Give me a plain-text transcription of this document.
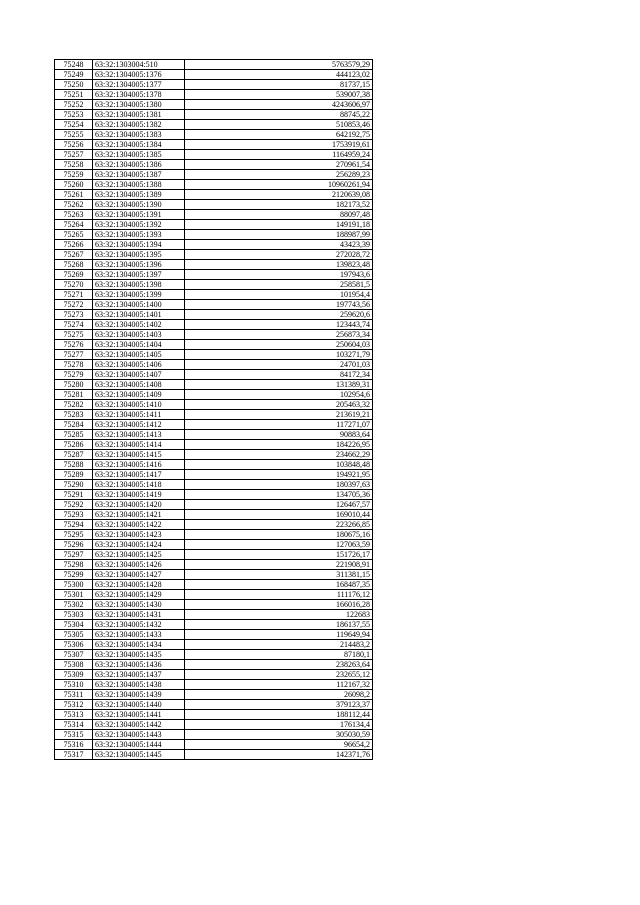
75248	63:32:1303004:510	5763579,29
75249	63:32:1304005:1376	444123,02
75250	63:32:1304005:1377	81737,15
75251	63:32:1304005:1378	539007,38
75252	63:32:1304005:1380	4243606,97
75253	63:32:1304005:1381	88745,22
75254	63:32:1304005:1382	510853,46
75255	63:32:1304005:1383	642192,75
75256	63:32:1304005:1384	1753919,61
75257	63:32:1304005:1385	1164959,24
75258	63:32:1304005:1386	270961,54
75259	63:32:1304005:1387	256289,23
75260	63:32:1304005:1388	10960261,94
75261	63:32:1304005:1389	2120639,08
75262	63:32:1304005:1390	182173,52
75263	63:32:1304005:1391	88097,48
75264	63:32:1304005:1392	149191,18
75265	63:32:1304005:1393	188987,99
75266	63:32:1304005:1394	43423,39
75267	63:32:1304005:1395	272028,72
75268	63:32:1304005:1396	139823,48
75269	63:32:1304005:1397	197943,6
75270	63:32:1304005:1398	258581,5
75271	63:32:1304005:1399	101954,4
75272	63:32:1304005:1400	197743,56
75273	63:32:1304005:1401	259620,6
75274	63:32:1304005:1402	123443,74
75275	63:32:1304005:1403	256873,34
75276	63:32:1304005:1404	250604,03
75277	63:32:1304005:1405	103271,79
75278	63:32:1304005:1406	24701,03
75279	63:32:1304005:1407	84172,34
75280	63:32:1304005:1408	131389,31
75281	63:32:1304005:1409	102954,6
75282	63:32:1304005:1410	205463,32
75283	63:32:1304005:1411	213619,21
75284	63:32:1304005:1412	117271,07
75285	63:32:1304005:1413	90883,64
75286	63:32:1304005:1414	184226,95
75287	63:32:1304005:1415	234662,29
75288	63:32:1304005:1416	103848,48
75289	63:32:1304005:1417	194921,95
75290	63:32:1304005:1418	180397,63
75291	63:32:1304005:1419	134705,36
75292	63:32:1304005:1420	126467,57
75293	63:32:1304005:1421	169010,44
75294	63:32:1304005:1422	223266,85
75295	63:32:1304005:1423	180675,16
75296	63:32:1304005:1424	127063,59
75297	63:32:1304005:1425	151726,17
75298	63:32:1304005:1426	221908,91
75299	63:32:1304005:1427	311381,15
75300	63:32:1304005:1428	168487,35
75301	63:32:1304005:1429	111176,12
75302	63:32:1304005:1430	166016,28
75303	63:32:1304005:1431	122683
75304	63:32:1304005:1432	186137,55
75305	63:32:1304005:1433	119649,94
75306	63:32:1304005:1434	214483,2
75307	63:32:1304005:1435	87180,1
75308	63:32:1304005:1436	238263,64
75309	63:32:1304005:1437	232655,12
75310	63:32:1304005:1438	112167,32
75311	63:32:1304005:1439	26098,2
75312	63:32:1304005:1440	379123,37
75313	63:32:1304005:1441	188112,44
75314	63:32:1304005:1442	176134,4
75315	63:32:1304005:1443	305030,59
75316	63:32:1304005:1444	96654,2
75317	63:32:1304005:1445	142371,76
